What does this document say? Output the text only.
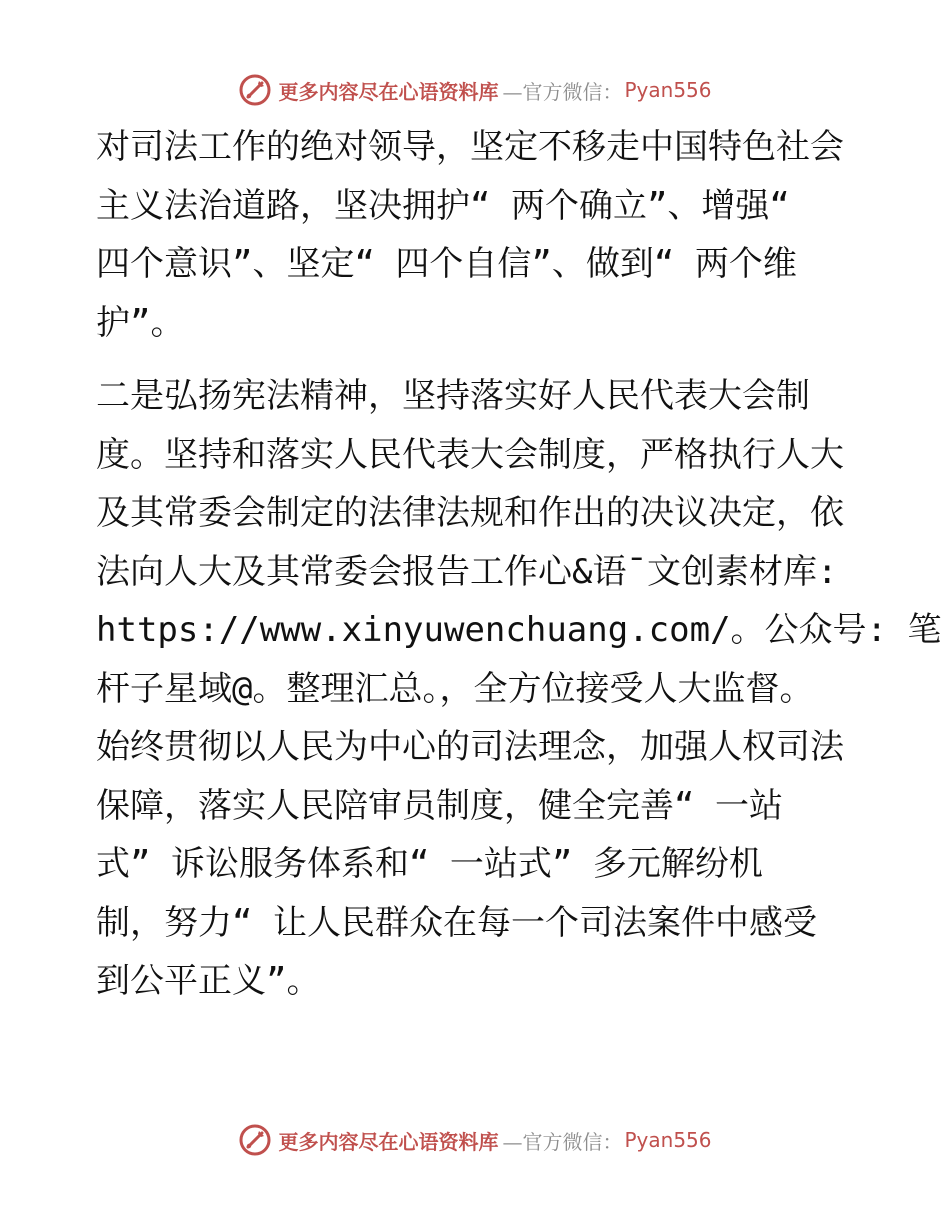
更多内容尽在心语资料库 —官方微信： Pyan556

对司法工作的绝对领导，坚定不移走中国特色社会

主义法治道路，坚决拥护“ 两个确立”、增强“

四个意识”、坚定“ 四个自信”、做到“ 两个维

护”。

二是弘扬宪法精神，坚持落实好人民代表大会制

度。坚持和落实人民代表大会制度，严格执行人大

及其常委会制定的法律法规和作出的决议决定，依

法向人大及其常委会报告工作心&语¯文创素材库:

https://www.xinyuwenchuang.com/。公众号: 笔

杆子星域@。整理汇总。，全方位接受人大监督。

始终贯彻以人民为中心的司法理念，加强人权司法

保障，落实人民陪审员制度，健全完善“ 一站

式” 诉讼服务体系和“ 一站式” 多元解纷机

制，努力“ 让人民群众在每一个司法案件中感受

到公平正义”。

更多内容尽在心语资料库 —官方微信： Pyan556
